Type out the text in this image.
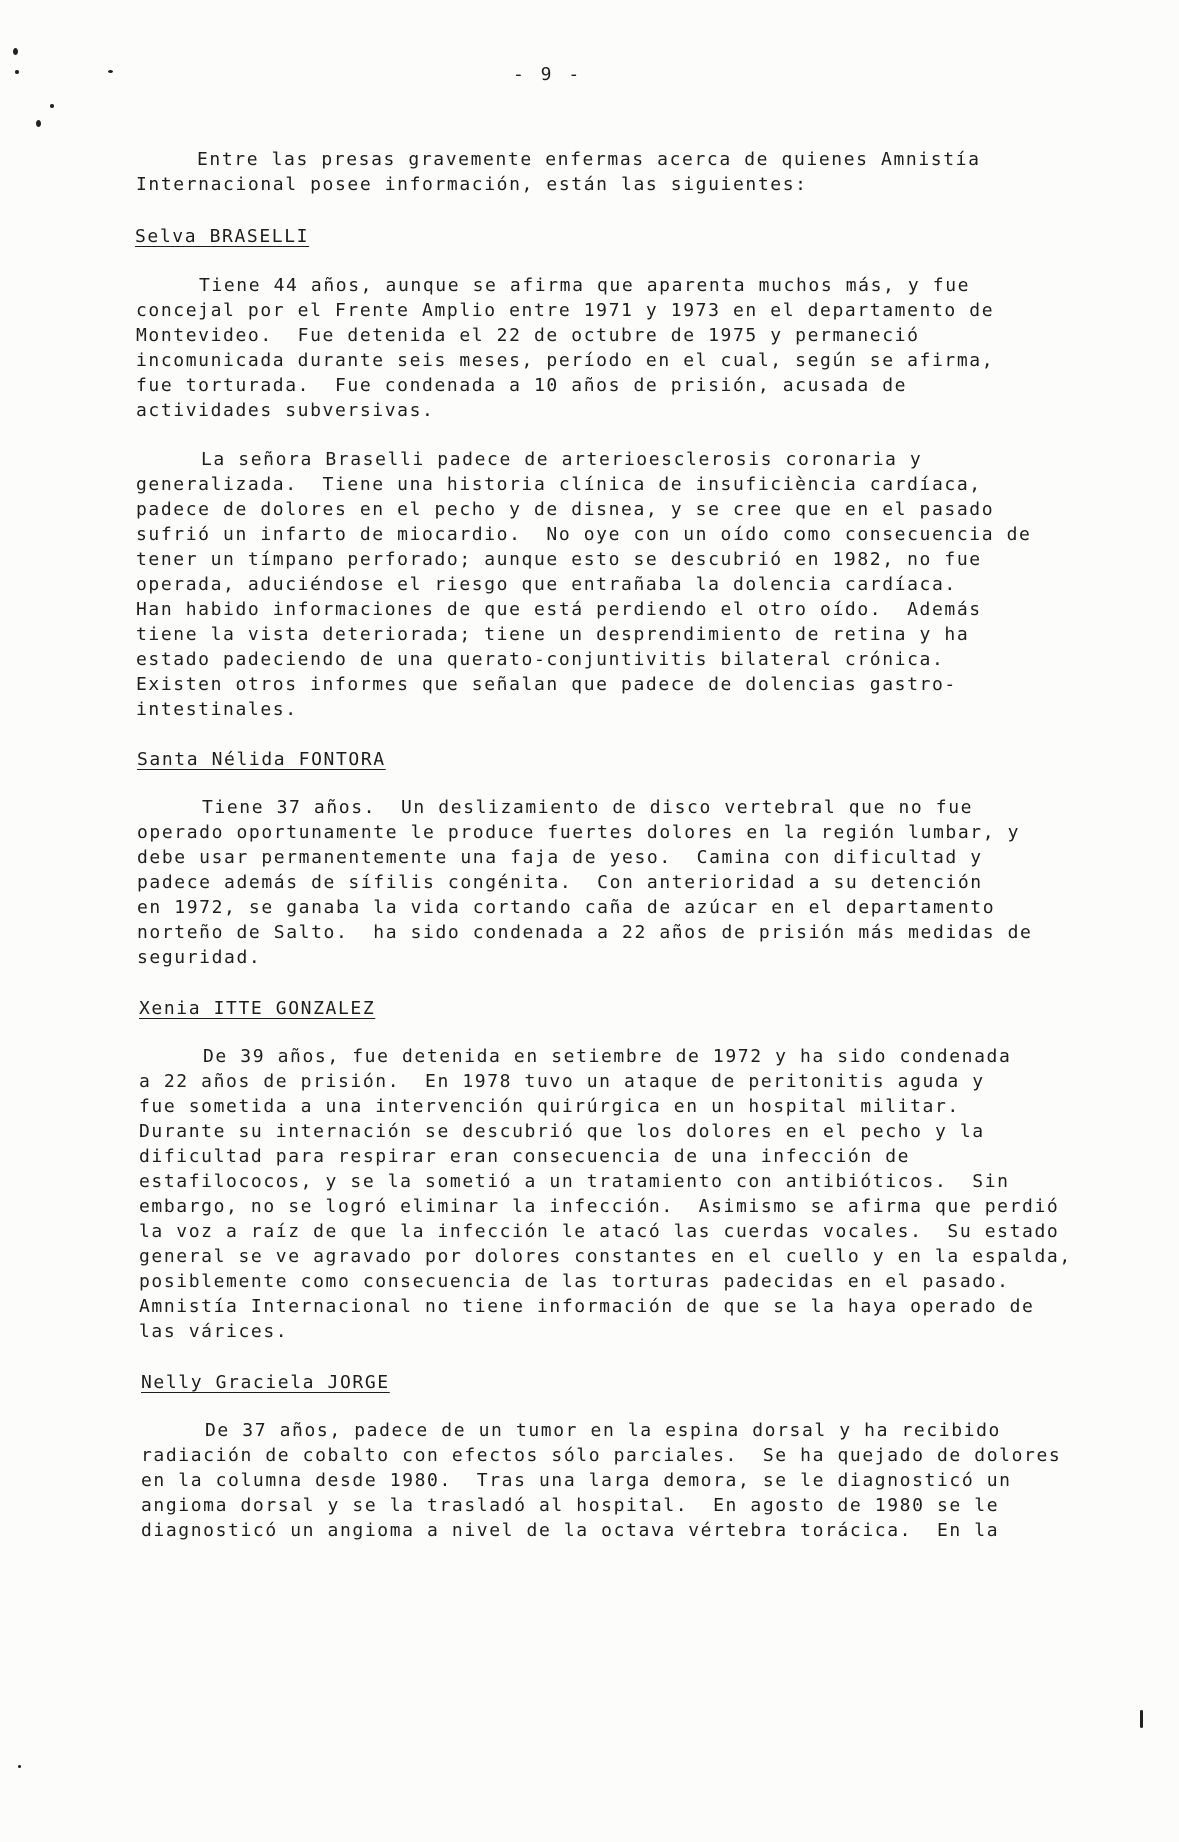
- 9 -
Entre las presas gravemente enfermas acerca de quienes Amnistía
Internacional posee información, están las siguientes:
Selva BRASELLI
Tiene 44 años, aunque se afirma que aparenta muchos más, y fue
concejal por el Frente Amplio entre 1971 y 1973 en el departamento de
Montevideo.  Fue detenida el 22 de octubre de 1975 y permaneció
incomunicada durante seis meses, período en el cual, según se afirma,
fue torturada.  Fue condenada a 10 años de prisión, acusada de
actividades subversivas.
La señora Braselli padece de arterioesclerosis coronaria y
generalizada.  Tiene una historia clínica de insuficiència cardíaca,
padece de dolores en el pecho y de disnea, y se cree que en el pasado
sufrió un infarto de miocardio.  No oye con un oído como consecuencia de
tener un tímpano perforado; aunque esto se descubrió en 1982, no fue
operada, aduciéndose el riesgo que entrañaba la dolencia cardíaca.
Han habido informaciones de que está perdiendo el otro oído.  Además
tiene la vista deteriorada; tiene un desprendimiento de retina y ha
estado padeciendo de una querato-conjuntivitis bilateral crónica.
Existen otros informes que señalan que padece de dolencias gastro-
intestinales.
Santa Nélida FONTORA
Tiene 37 años.  Un deslizamiento de disco vertebral que no fue
operado oportunamente le produce fuertes dolores en la región lumbar, y
debe usar permanentemente una faja de yeso.  Camina con dificultad y
padece además de sífilis congénita.  Con anterioridad a su detención
en 1972, se ganaba la vida cortando caña de azúcar en el departamento
norteño de Salto.  ha sido condenada a 22 años de prisión más medidas de
seguridad.
Xenia ITTE GONZALEZ
De 39 años, fue detenida en setiembre de 1972 y ha sido condenada
a 22 años de prisión.  En 1978 tuvo un ataque de peritonitis aguda y
fue sometida a una intervención quirúrgica en un hospital militar.
Durante su internación se descubrió que los dolores en el pecho y la
dificultad para respirar eran consecuencia de una infección de
estafilococos, y se la sometió a un tratamiento con antibióticos.  Sin
embargo, no se logró eliminar la infección.  Asimismo se afirma que perdió
la voz a raíz de que la infección le atacó las cuerdas vocales.  Su estado
general se ve agravado por dolores constantes en el cuello y en la espalda,
posiblemente como consecuencia de las torturas padecidas en el pasado.
Amnistía Internacional no tiene información de que se la haya operado de
las várices.
Nelly Graciela JORGE
De 37 años, padece de un tumor en la espina dorsal y ha recibido
radiación de cobalto con efectos sólo parciales.  Se ha quejado de dolores
en la columna desde 1980.  Tras una larga demora, se le diagnosticó un
angioma dorsal y se la trasladó al hospital.  En agosto de 1980 se le
diagnosticó un angioma a nivel de la octava vértebra torácica.  En la
